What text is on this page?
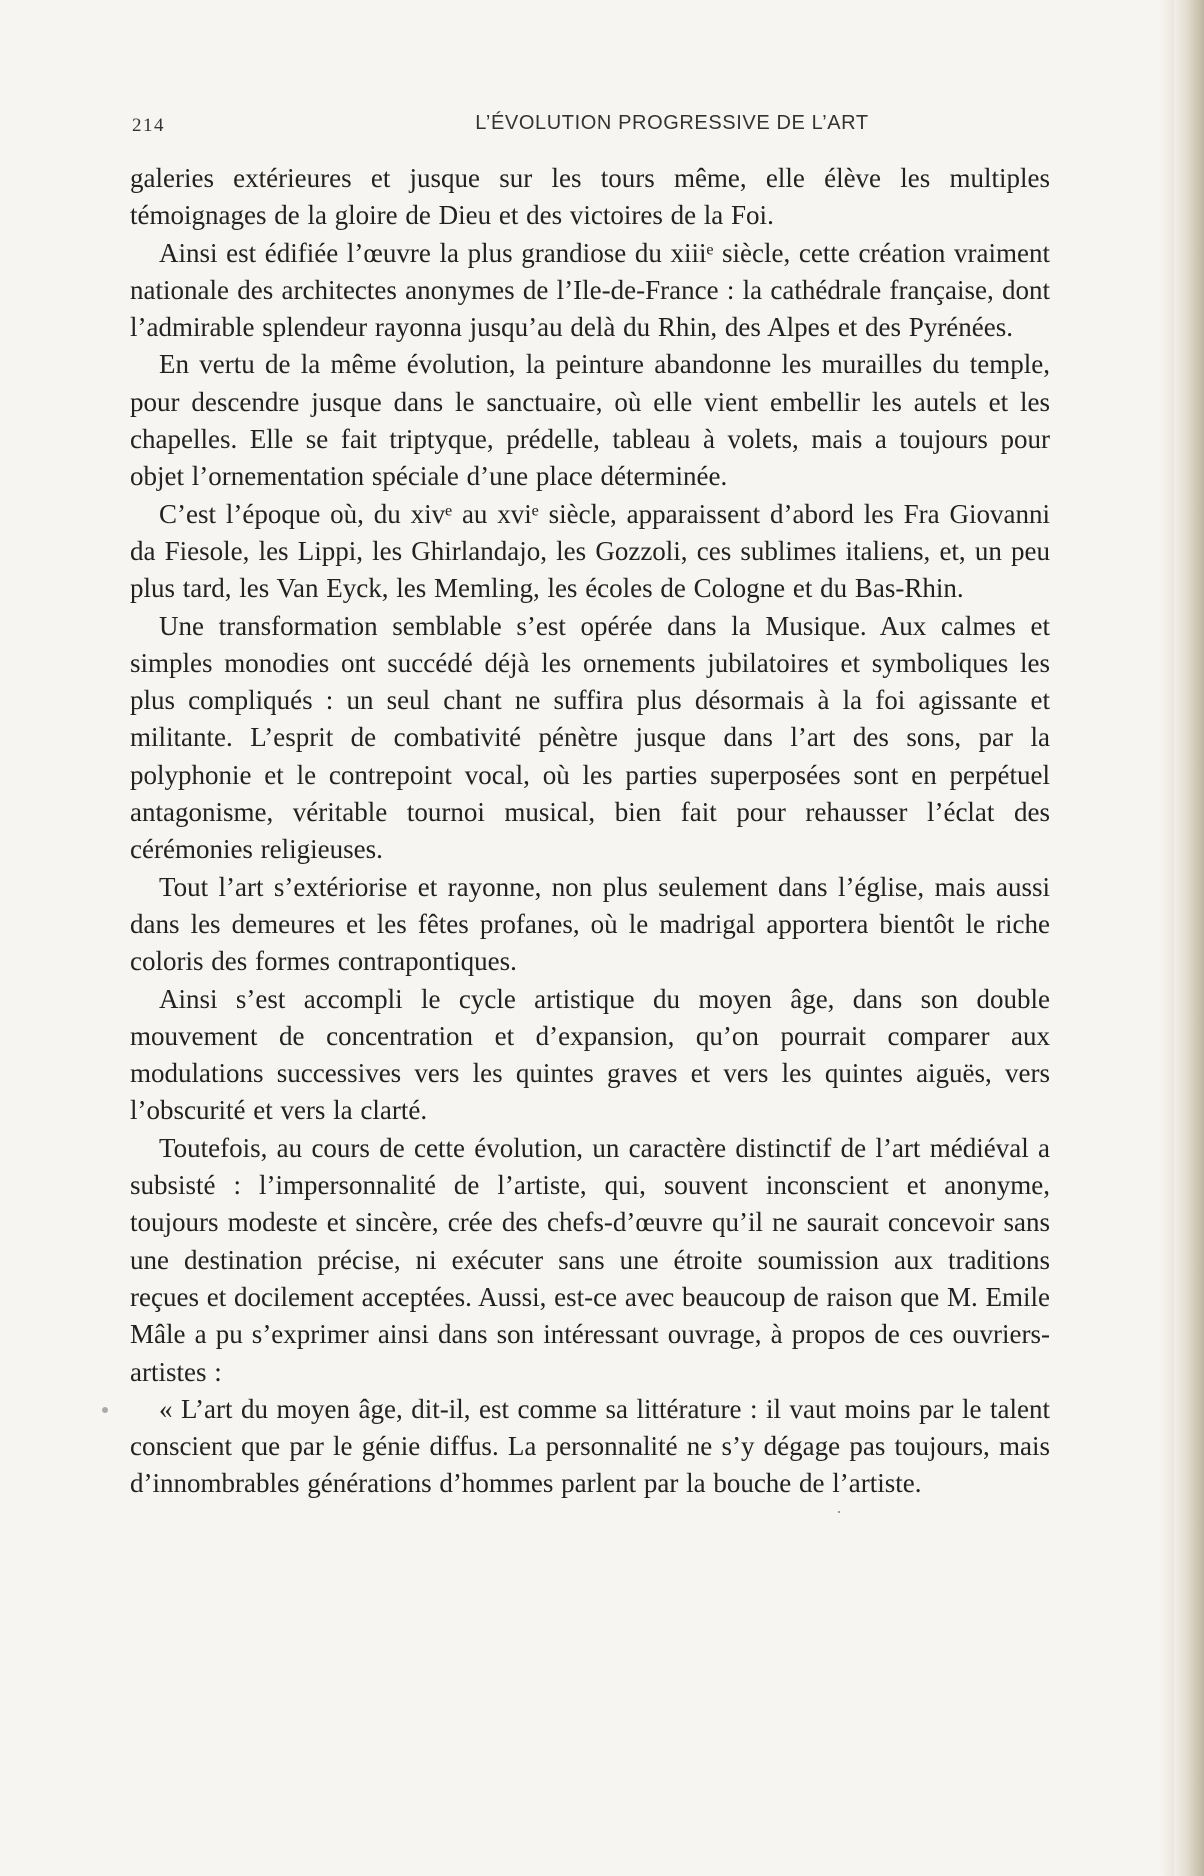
214	L’ÉVOLUTION PROGRESSIVE DE L’ART

galeries extérieures et jusque sur les tours même, elle élève les multiples témoignages de la gloire de Dieu et des victoires de la Foi.

Ainsi est édifiée l’œuvre la plus grandiose du xiiiᵉ siècle, cette création vraiment nationale des architectes anonymes de l’Ile-de-France : la cathédrale française, dont l’admirable splendeur rayonna jusqu’au delà du Rhin, des Alpes et des Pyrénées.

En vertu de la même évolution, la peinture abandonne les murailles du temple, pour descendre jusque dans le sanctuaire, où elle vient embellir les autels et les chapelles. Elle se fait triptyque, prédelle, tableau à volets, mais a toujours pour objet l’ornementation spéciale d’une place déterminée.

C’est l’époque où, du xivᵉ au xviᵉ siècle, apparaissent d’abord les Fra Giovanni da Fiesole, les Lippi, les Ghirlandajo, les Gozzoli, ces sublimes italiens, et, un peu plus tard, les Van Eyck, les Memling, les écoles de Cologne et du Bas-Rhin.

Une transformation semblable s’est opérée dans la Musique. Aux calmes et simples monodies ont succédé déjà les ornements jubilatoires et symboliques les plus compliqués : un seul chant ne suffira plus désormais à la foi agissante et militante. L’esprit de combativité pénètre jusque dans l’art des sons, par la polyphonie et le contrepoint vocal, où les parties superposées sont en perpétuel antagonisme, véritable tournoi musical, bien fait pour rehausser l’éclat des cérémonies religieuses.

Tout l’art s’extériorise et rayonne, non plus seulement dans l’église, mais aussi dans les demeures et les fêtes profanes, où le madrigal apportera bientôt le riche coloris des formes contrapontiques.

Ainsi s’est accompli le cycle artistique du moyen âge, dans son double mouvement de concentration et d’expansion, qu’on pourrait comparer aux modulations successives vers les quintes graves et vers les quintes aiguës, vers l’obscurité et vers la clarté.

Toutefois, au cours de cette évolution, un caractère distinctif de l’art médiéval a subsisté : l’impersonnalité de l’artiste, qui, souvent inconscient et anonyme, toujours modeste et sincère, crée des chefs-d’œuvre qu’il ne saurait concevoir sans une destination précise, ni exécuter sans une étroite soumission aux traditions reçues et docilement acceptées. Aussi, est-ce avec beaucoup de raison que M. Emile Mâle a pu s’exprimer ainsi dans son intéressant ouvrage, à propos de ces ouvriers-artistes :

« L’art du moyen âge, dit-il, est comme sa littérature : il vaut moins par le talent conscient que par le génie diffus. La personnalité ne s’y dégage pas toujours, mais d’innombrables générations d’hommes parlent par la bouche de l’artiste.
